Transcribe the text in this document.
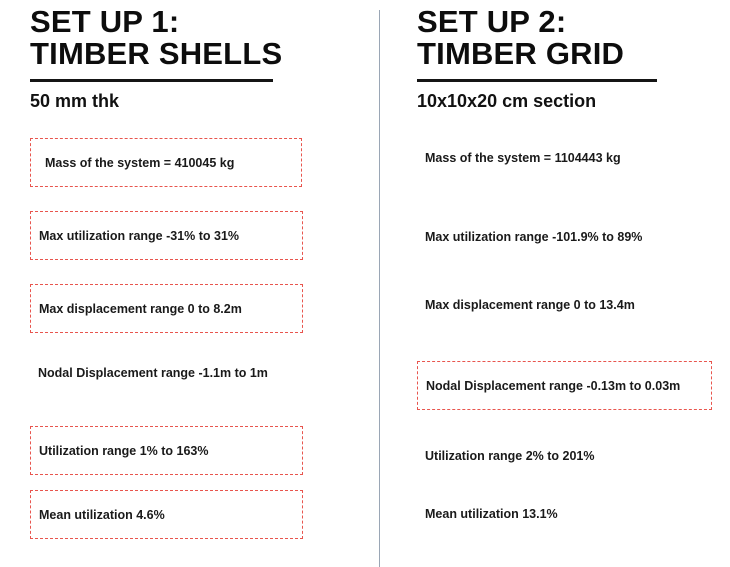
SET UP 1:
TIMBER SHELLS
50 mm thk
Mass of the system = 410045 kg
Max utilization range -31% to 31%
Max displacement range 0 to 8.2m
Nodal Displacement range -1.1m to 1m
Utilization range 1% to 163%
Mean utilization 4.6%
SET UP 2:
TIMBER GRID
10x10x20 cm section
Mass of the system = 1104443 kg
Max utilization range -101.9% to 89%
Max displacement range 0 to 13.4m
Nodal Displacement range -0.13m to 0.03m
Utilization range 2% to 201%
Mean utilization 13.1%
